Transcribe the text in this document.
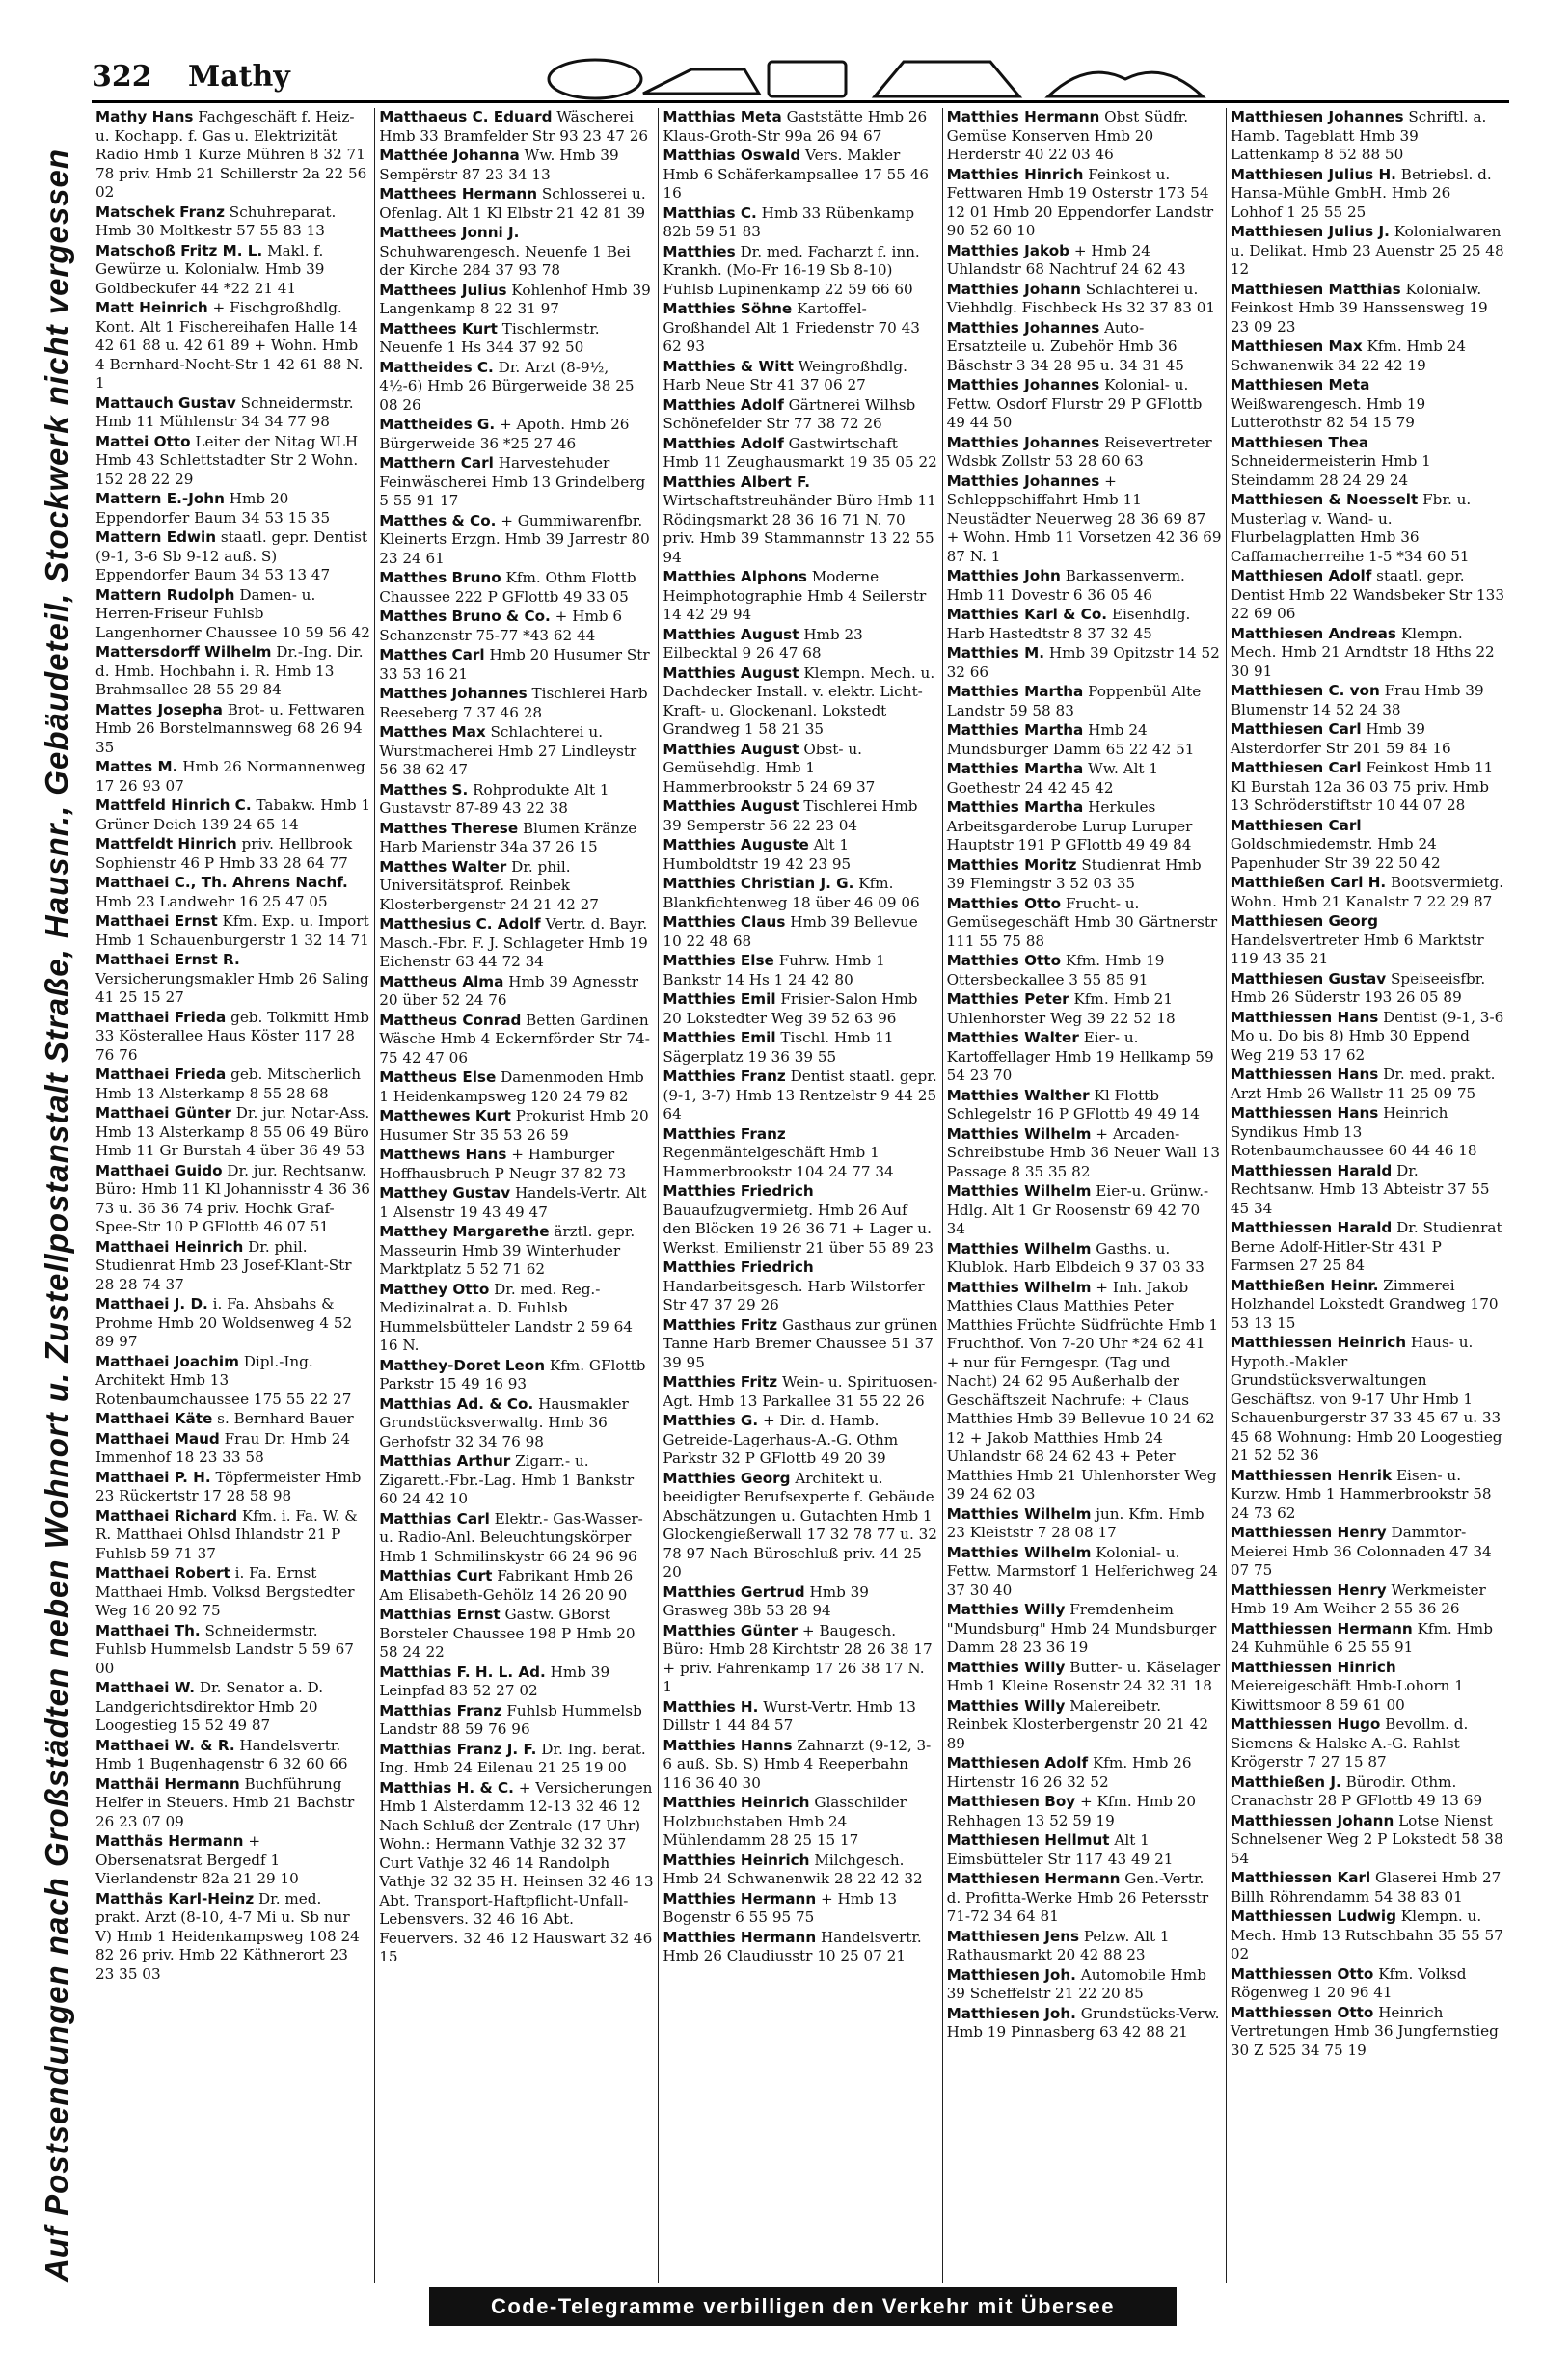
322 Mathy
Auf Postsendungen nach Großstädten neben Wohnort u. Zustellpostanstalt Straße, Hausnr., Gebäudeteil, Stockwerk nicht vergessen
Mathy Hans Fachgeschäft f. Heiz- u. Kochapp. f. Gas u. Elektrizität Radio Hmb 1 Kurze Mühren 8 32 71 78 priv. Hmb 21 Schillerstr 2a 22 56 02
Matschek Franz Schuhreparat. Hmb 30 Moltkestr 57 55 83 13
Matschoß Fritz M. L. Makl. f. Gewürze u. Kolonialw. Hmb 39 Goldbeckufer 44 *22 21 41
Matt Heinrich + Fischgroßhdlg. Kont. Alt 1 Fischereihafen Halle 14 42 61 88 u. 42 61 89 + Wohn. Hmb 4 Bernhard-Nocht-Str 1 42 61 88 N. 1
Mattauch Gustav Schneidermstr. Hmb 11 Mühlenstr 34 34 77 98
Mattei Otto Leiter der Nitag WLH Hmb 43 Schlettstadter Str 2 Wohn. 152 28 22 29
Mattern E.-John Hmb 20 Eppendorfer Baum 34 53 15 35
Mattern Edwin staatl. gepr. Dentist (9-1, 3-6 Sb 9-12 auß. S) Eppendorfer Baum 34 53 13 47
Mattern Rudolph Damen- u. Herren-Friseur Fuhlsb Langenhorner Chaussee 10 59 56 42
Mattersdorff Wilhelm Dr.-Ing. Dir. d. Hmb. Hochbahn i. R. Hmb 13 Brahmsallee 28 55 29 84
Mattes Josepha Brot- u. Fettwaren Hmb 26 Borstelmannsweg 68 26 94 35
Mattes M. Hmb 26 Normannenweg 17 26 93 07
Mattfeld Hinrich C. Tabakw. Hmb 1 Grüner Deich 139 24 65 14
Mattfeldt Hinrich priv. Hellbrook Sophienstr 46 P Hmb 33 28 64 77
Matthaei C., Th. Ahrens Nachf. Hmb 23 Landwehr 16 25 47 05
Matthaei Ernst Kfm. Exp. u. Import Hmb 1 Schauenburgerstr 1 32 14 71
Matthaei Ernst R. Versicherungsmakler Hmb 26 Saling 41 25 15 27
Matthaei Frieda geb. Tolkmitt Hmb 33 Kösterallee Haus Köster 117 28 76 76
Matthaei Frieda geb. Mitscherlich Hmb 13 Alsterkamp 8 55 28 68
Matthaei Günter Dr. jur. Notar-Ass. Hmb 13 Alsterkamp 8 55 06 49 Büro Hmb 11 Gr Burstah 4 über 36 49 53
Matthaei Guido Dr. jur. Rechtsanw. Büro: Hmb 11 Kl Johannisstr 4 36 36 73 u. 36 36 74 priv. Hochk Graf-Spee-Str 10 P GFlottb 46 07 51
Matthaei Heinrich Dr. phil. Studienrat Hmb 23 Josef-Klant-Str 28 28 74 37
Matthaei J. D. i. Fa. Ahsbahs & Prohme Hmb 20 Woldsenweg 4 52 89 97
Matthaei Joachim Dipl.-Ing. Architekt Hmb 13 Rotenbaumchaussee 175 55 22 27
Matthaei Käte s. Bernhard Bauer
Matthaei Maud Frau Dr. Hmb 24 Immenhof 18 23 33 58
Matthaei P. H. Töpfermeister Hmb 23 Rückertstr 17 28 58 98
Matthaei Richard Kfm. i. Fa. W. & R. Matthaei Ohlsd Ihlandstr 21 P Fuhlsb 59 71 37
Matthaei Robert i. Fa. Ernst Matthaei Hmb. Volksd Bergstedter Weg 16 20 92 75
Matthaei Th. Schneidermstr. Fuhlsb Hummelsb Landstr 5 59 67 00
Matthaei W. Dr. Senator a. D. Landgerichtsdirektor Hmb 20 Loogestieg 15 52 49 87
Matthaei W. & R. Handelsvertr. Hmb 1 Bugenhagenstr 6 32 60 66
Matthäi Hermann Buchführung Helfer in Steuers. Hmb 21 Bachstr 26 23 07 09
Matthäs Hermann + Obersenatsrat Bergedf 1 Vierlandenstr 82a 21 29 10
Matthäs Karl-Heinz Dr. med. prakt. Arzt (8-10, 4-7 Mi u. Sb nur V) Hmb 1 Heidenkampsweg 108 24 82 26 priv. Hmb 22 Käthnerort 23 23 35 03
Matthaeus C. Eduard Wäscherei Hmb 33 Bramfelder Str 93 23 47 26
Matthée Johanna Ww. Hmb 39 Sempërstr 87 23 34 13
Matthees Hermann Schlosserei u. Ofenlag. Alt 1 Kl Elbstr 21 42 81 39
Matthees Jonni J. Schuhwarengesch. Neuenfe 1 Bei der Kirche 284 37 93 78
Matthees Julius Kohlenhof Hmb 39 Langenkamp 8 22 31 97
Matthees Kurt Tischlermstr. Neuenfe 1 Hs 344 37 92 50
Mattheides C. Dr. Arzt (8-9½, 4½-6) Hmb 26 Bürgerweide 38 25 08 26
Mattheides G. + Apoth. Hmb 26 Bürgerweide 36 *25 27 46
Matthern Carl Harvestehuder Feinwäscherei Hmb 13 Grindelberg 5 55 91 17
Matthes & Co. + Gummiwarenfbr. Kleinerts Erzgn. Hmb 39 Jarrestr 80 23 24 61
Matthes Bruno Kfm. Othm Flottb Chaussee 222 P GFlottb 49 33 05
Matthes Bruno & Co. + Hmb 6 Schanzenstr 75-77 *43 62 44
Matthes Carl Hmb 20 Husumer Str 33 53 16 21
Matthes Johannes Tischlerei Harb Reeseberg 7 37 46 28
Matthes Max Schlachterei u. Wurstmacherei Hmb 27 Lindleystr 56 38 62 47
Matthes S. Rohprodukte Alt 1 Gustavstr 87-89 43 22 38
Matthes Therese Blumen Kränze Harb Marienstr 34a 37 26 15
Matthes Walter Dr. phil. Universitätsprof. Reinbek Klosterbergenstr 24 21 42 27
Matthesius C. Adolf Vertr. d. Bayr. Masch.-Fbr. F. J. Schlageter Hmb 19 Eichenstr 63 44 72 34
Mattheus Alma Hmb 39 Agnesstr 20 über 52 24 76
Mattheus Conrad Betten Gardinen Wäsche Hmb 4 Eckernförder Str 74-75 42 47 06
Mattheus Else Damenmoden Hmb 1 Heidenkampsweg 120 24 79 82
Matthewes Kurt Prokurist Hmb 20 Husumer Str 35 53 26 59
Matthews Hans + Hamburger Hoffhausbruch P Neugr 37 82 73
Matthey Gustav Handels-Vertr. Alt 1 Alsenstr 19 43 49 47
Matthey Margarethe ärztl. gepr. Masseurin Hmb 39 Winterhuder Marktplatz 5 52 71 62
Matthey Otto Dr. med. Reg.-Medizinalrat a. D. Fuhlsb Hummelsbütteler Landstr 2 59 64 16 N.
Matthey-Doret Leon Kfm. GFlottb Parkstr 15 49 16 93
Matthias Ad. & Co. Hausmakler Grundstücksverwaltg. Hmb 36 Gerhofstr 32 34 76 98
Matthias Arthur Zigarr.- u. Zigarett.-Fbr.-Lag. Hmb 1 Bankstr 60 24 42 10
Matthias Carl Elektr.- Gas-Wasser- u. Radio-Anl. Beleuchtungskörper Hmb 1 Schmilinskystr 66 24 96 96
Matthias Curt Fabrikant Hmb 26 Am Elisabeth-Gehölz 14 26 20 90
Matthias Ernst Gastw. GBorst Borsteler Chaussee 198 P Hmb 20 58 24 22
Matthias F. H. L. Ad. Hmb 39 Leinpfad 83 52 27 02
Matthias Franz Fuhlsb Hummelsb Landstr 88 59 76 96
Matthias Franz J. F. Dr. Ing. berat. Ing. Hmb 24 Eilenau 21 25 19 00
Matthias H. & C. + Versicherungen Hmb 1 Alsterdamm 12-13 32 46 12 Nach Schluß der Zentrale (17 Uhr) Wohn.: Hermann Vathje 32 32 37 Curt Vathje 32 46 14 Randolph Vathje 32 32 35 H. Heinsen 32 46 13 Abt. Transport-Haftpflicht-Unfall-Lebensvers. 32 46 16 Abt. Feuervers. 32 46 12 Hauswart 32 46 15
Matthias Meta Gaststätte Hmb 26 Klaus-Groth-Str 99a 26 94 67
Matthias Oswald Vers. Makler Hmb 6 Schäferkampsallee 17 55 46 16
Matthias C. Hmb 33 Rübenkamp 82b 59 51 83
Matthies Dr. med. Facharzt f. inn. Krankh. (Mo-Fr 16-19 Sb 8-10) Fuhlsb Lupinenkamp 22 59 66 60
Matthies Söhne Kartoffel-Großhandel Alt 1 Friedenstr 70 43 62 93
Matthies & Witt Weingroßhdlg. Harb Neue Str 41 37 06 27
Matthies Adolf Gärtnerei Wilhsb Schönefelder Str 77 38 72 26
Matthies Adolf Gastwirtschaft Hmb 11 Zeughausmarkt 19 35 05 22
Matthies Albert F. Wirtschaftstreuhänder Büro Hmb 11 Rödingsmarkt 28 36 16 71 N. 70 priv. Hmb 39 Stammannstr 13 22 55 94
Matthies Alphons Moderne Heimphotographie Hmb 4 Seilerstr 14 42 29 94
Matthies August Hmb 23 Eilbecktal 9 26 47 68
Matthies August Klempn. Mech. u. Dachdecker Install. v. elektr. Licht- Kraft- u. Glockenanl. Lokstedt Grandweg 1 58 21 35
Matthies August Obst- u. Gemüsehdlg. Hmb 1 Hammerbrookstr 5 24 69 37
Matthies August Tischlerei Hmb 39 Semperstr 56 22 23 04
Matthies Auguste Alt 1 Humboldtstr 19 42 23 95
Matthies Christian J. G. Kfm. Blankfichtenweg 18 über 46 09 06
Matthies Claus Hmb 39 Bellevue 10 22 48 68
Matthies Else Fuhrw. Hmb 1 Bankstr 14 Hs 1 24 42 80
Matthies Emil Frisier-Salon Hmb 20 Lokstedter Weg 39 52 63 96
Matthies Emil Tischl. Hmb 11 Sägerplatz 19 36 39 55
Matthies Franz Dentist staatl. gepr. (9-1, 3-7) Hmb 13 Rentzelstr 9 44 25 64
Matthies Franz Regenmäntelgeschäft Hmb 1 Hammerbrookstr 104 24 77 34
Matthies Friedrich Bauaufzugvermietg. Hmb 26 Auf den Blöcken 19 26 36 71 + Lager u. Werkst. Emilienstr 21 über 55 89 23
Matthies Friedrich Handarbeitsgesch. Harb Wilstorfer Str 47 37 29 26
Matthies Fritz Gasthaus zur grünen Tanne Harb Bremer Chaussee 51 37 39 95
Matthies Fritz Wein- u. Spirituosen-Agt. Hmb 13 Parkallee 31 55 22 26
Matthies G. + Dir. d. Hamb. Getreide-Lagerhaus-A.-G. Othm Parkstr 32 P GFlottb 49 20 39
Matthies Georg Architekt u. beeidigter Berufsexperte f. Gebäude Abschätzungen u. Gutachten Hmb 1 Glockengießerwall 17 32 78 77 u. 32 78 97 Nach Büroschluß priv. 44 25 20
Matthies Gertrud Hmb 39 Grasweg 38b 53 28 94
Matthies Günter + Baugesch. Büro: Hmb 28 Kirchtstr 28 26 38 17 + priv. Fahrenkamp 17 26 38 17 N. 1
Matthies H. Wurst-Vertr. Hmb 13 Dillstr 1 44 84 57
Matthies Hanns Zahnarzt (9-12, 3-6 auß. Sb. S) Hmb 4 Reeperbahn 116 36 40 30
Matthies Heinrich Glasschilder Holzbuchstaben Hmb 24 Mühlendamm 28 25 15 17
Matthies Heinrich Milchgesch. Hmb 24 Schwanenwik 28 22 42 32
Matthies Hermann + Hmb 13 Bogenstr 6 55 95 75
Matthies Hermann Handelsvertr. Hmb 26 Claudiusstr 10 25 07 21
Matthies Hermann Obst Südfr. Gemüse Konserven Hmb 20 Herderstr 40 22 03 46
Matthies Hinrich Feinkost u. Fettwaren Hmb 19 Osterstr 173 54 12 01 Hmb 20 Eppendorfer Landstr 90 52 60 10
Matthies Jakob + Hmb 24 Uhlandstr 68 Nachtruf 24 62 43
Matthies Johann Schlachterei u. Viehhdlg. Fischbeck Hs 32 37 83 01
Matthies Johannes Auto-Ersatzteile u. Zubehör Hmb 36 Bäschstr 3 34 28 95 u. 34 31 45
Matthies Johannes Kolonial- u. Fettw. Osdorf Flurstr 29 P GFlottb 49 44 50
Matthies Johannes Reisevertreter Wdsbk Zollstr 53 28 60 63
Matthies Johannes + Schleppschiffahrt Hmb 11 Neustädter Neuerweg 28 36 69 87 + Wohn. Hmb 11 Vorsetzen 42 36 69 87 N. 1
Matthies John Barkassenverm. Hmb 11 Dovestr 6 36 05 46
Matthies Karl & Co. Eisenhdlg. Harb Hastedtstr 8 37 32 45
Matthies M. Hmb 39 Opitzstr 14 52 32 66
Matthies Martha Poppenbül Alte Landstr 59 58 83
Matthies Martha Hmb 24 Mundsburger Damm 65 22 42 51
Matthies Martha Ww. Alt 1 Goethestr 24 42 45 42
Matthies Martha Herkules Arbeitsgarderobe Lurup Luruper Hauptstr 191 P GFlottb 49 49 84
Matthies Moritz Studienrat Hmb 39 Flemingstr 3 52 03 35
Matthies Otto Frucht- u. Gemüsegeschäft Hmb 30 Gärtnerstr 111 55 75 88
Matthies Otto Kfm. Hmb 19 Ottersbeckallee 3 55 85 91
Matthies Peter Kfm. Hmb 21 Uhlenhorster Weg 39 22 52 18
Matthies Walter Eier- u. Kartoffellager Hmb 19 Hellkamp 59 54 23 70
Matthies Walther Kl Flottb Schlegelstr 16 P GFlottb 49 49 14
Matthies Wilhelm + Arcaden-Schreibstube Hmb 36 Neuer Wall 13 Passage 8 35 35 82
Matthies Wilhelm Eier-u. Grünw.-Hdlg. Alt 1 Gr Roosenstr 69 42 70 34
Matthies Wilhelm Gasths. u. Klublok. Harb Elbdeich 9 37 03 33
Matthies Wilhelm + Inh. Jakob Matthies Claus Matthies Peter Matthies Früchte Südfrüchte Hmb 1 Fruchthof. Von 7-20 Uhr *24 62 41 + nur für Ferngespr. (Tag und Nacht) 24 62 95 Außerhalb der Geschäftszeit Nachrufe: + Claus Matthies Hmb 39 Bellevue 10 24 62 12 + Jakob Matthies Hmb 24 Uhlandstr 68 24 62 43 + Peter Matthies Hmb 21 Uhlenhorster Weg 39 24 62 03
Matthies Wilhelm jun. Kfm. Hmb 23 Kleiststr 7 28 08 17
Matthies Wilhelm Kolonial- u. Fettw. Marmstorf 1 Helferichweg 24 37 30 40
Matthies Willy Fremdenheim "Mundsburg" Hmb 24 Mundsburger Damm 28 23 36 19
Matthies Willy Butter- u. Käselager Hmb 1 Kleine Rosenstr 24 32 31 18
Matthies Willy Malereibetr. Reinbek Klosterbergenstr 20 21 42 89
Matthiesen Adolf Kfm. Hmb 26 Hirtenstr 16 26 32 52
Matthiesen Boy + Kfm. Hmb 20 Rehhagen 13 52 59 19
Matthiesen Hellmut Alt 1 Eimsbütteler Str 117 43 49 21
Matthiesen Hermann Gen.-Vertr. d. Profitta-Werke Hmb 26 Petersstr 71-72 34 64 81
Matthiesen Jens Pelzw. Alt 1 Rathausmarkt 20 42 88 23
Matthiesen Joh. Automobile Hmb 39 Scheffelstr 21 22 20 85
Matthiesen Joh. Grundstücks-Verw. Hmb 19 Pinnasberg 63 42 88 21
Matthiesen Johannes Schriftl. a. Hamb. Tageblatt Hmb 39 Lattenkamp 8 52 88 50
Matthiesen Julius H. Betriebsl. d. Hansa-Mühle GmbH. Hmb 26 Lohhof 1 25 55 25
Matthiesen Julius J. Kolonialwaren u. Delikat. Hmb 23 Auenstr 25 25 48 12
Matthiesen Matthias Kolonialw. Feinkost Hmb 39 Hanssensweg 19 23 09 23
Matthiesen Max Kfm. Hmb 24 Schwanenwik 34 22 42 19
Matthiesen Meta Weißwarengesch. Hmb 19 Lutterothstr 82 54 15 79
Matthiesen Thea Schneidermeisterin Hmb 1 Steindamm 28 24 29 24
Matthiesen & Noesselt Fbr. u. Musterlag v. Wand- u. Flurbelagplatten Hmb 36 Caffamacherreihe 1-5 *34 60 51
Matthiesen Adolf staatl. gepr. Dentist Hmb 22 Wandsbeker Str 133 22 69 06
Matthiesen Andreas Klempn. Mech. Hmb 21 Arndtstr 18 Hths 22 30 91
Matthiesen C. von Frau Hmb 39 Blumenstr 14 52 24 38
Matthiesen Carl Hmb 39 Alsterdorfer Str 201 59 84 16
Matthiesen Carl Feinkost Hmb 11 Kl Burstah 12a 36 03 75 priv. Hmb 13 Schröderstiftstr 10 44 07 28
Matthiesen Carl Goldschmiedemstr. Hmb 24 Papenhuder Str 39 22 50 42
Matthießen Carl H. Bootsvermietg. Wohn. Hmb 21 Kanalstr 7 22 29 87
Matthiesen Georg Handelsvertreter Hmb 6 Marktstr 119 43 35 21
Matthiesen Gustav Speiseeisfbr. Hmb 26 Süderstr 193 26 05 89
Matthiessen Hans Dentist (9-1, 3-6 Mo u. Do bis 8) Hmb 30 Eppend Weg 219 53 17 62
Matthiessen Hans Dr. med. prakt. Arzt Hmb 26 Wallstr 11 25 09 75
Matthiessen Hans Heinrich Syndikus Hmb 13 Rotenbaumchaussee 60 44 46 18
Matthiessen Harald Dr. Rechtsanw. Hmb 13 Abteistr 37 55 45 34
Matthiessen Harald Dr. Studienrat Berne Adolf-Hitler-Str 431 P Farmsen 27 25 84
Matthießen Heinr. Zimmerei Holzhandel Lokstedt Grandweg 170 53 13 15
Matthiessen Heinrich Haus- u. Hypoth.-Makler Grundstücksverwaltungen Geschäftsz. von 9-17 Uhr Hmb 1 Schauenburgerstr 37 33 45 67 u. 33 45 68 Wohnung: Hmb 20 Loogestieg 21 52 52 36
Matthiessen Henrik Eisen- u. Kurzw. Hmb 1 Hammerbrookstr 58 24 73 62
Matthiessen Henry Dammtor-Meierei Hmb 36 Colonnaden 47 34 07 75
Matthiessen Henry Werkmeister Hmb 19 Am Weiher 2 55 36 26
Matthiessen Hermann Kfm. Hmb 24 Kuhmühle 6 25 55 91
Matthiessen Hinrich Meiereigeschäft Hmb-Lohorn 1 Kiwittsmoor 8 59 61 00
Matthiessen Hugo Bevollm. d. Siemens & Halske A.-G. Rahlst Krögerstr 7 27 15 87
Matthießen J. Bürodir. Othm. Cranachstr 28 P GFlottb 49 13 69
Matthiessen Johann Lotse Nienst Schnelsener Weg 2 P Lokstedt 58 38 54
Matthiessen Karl Glaserei Hmb 27 Billh Röhrendamm 54 38 83 01
Matthiessen Ludwig Klempn. u. Mech. Hmb 13 Rutschbahn 35 55 57 02
Matthiessen Otto Kfm. Volksd Rögenweg 1 20 96 41
Matthiessen Otto Heinrich Vertretungen Hmb 36 Jungfernstieg 30 Z 525 34 75 19
Code-Telegramme verbilligen den Verkehr mit Übersee
